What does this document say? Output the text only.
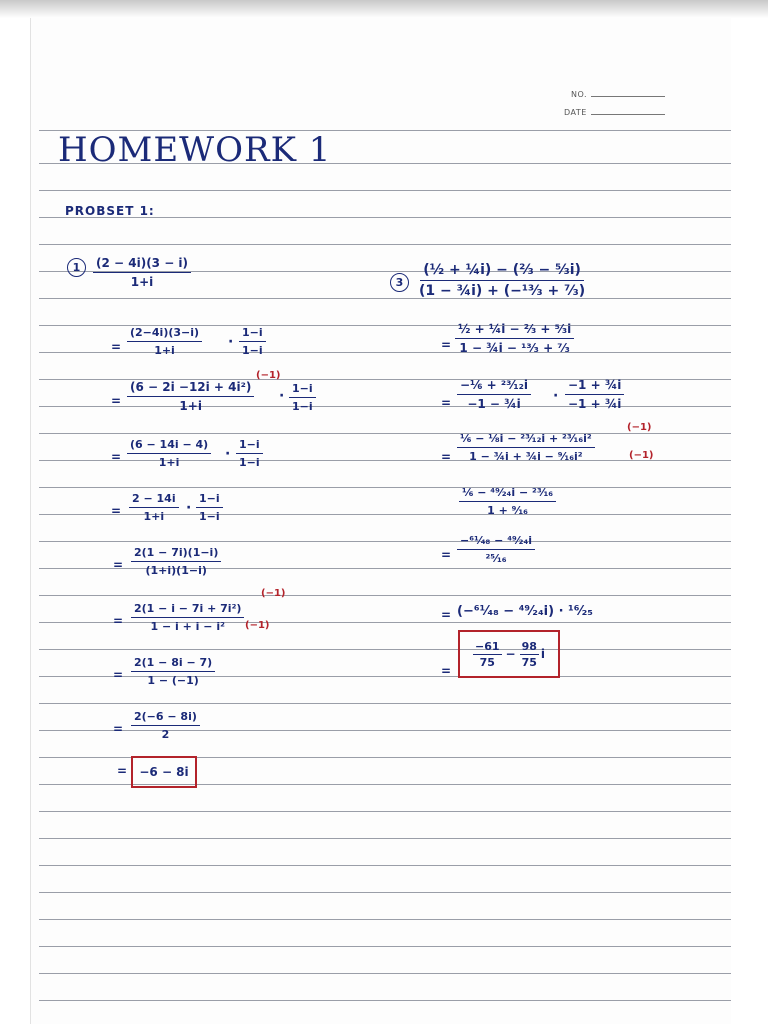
NO.
DATE
HOMEWORK 1
PROBSET 1:
1	$\frac{(2 - 4i)(3 - i)}{1+i}$
= $\frac{(2-4i)(3-i)}{1+i} \cdot \frac{1-i}{1-i}$
= $\frac{\text{(6 − 2i −12i + 4i²)}}{1+i}$
(−1)
· $\frac{1-i}{1-i}$
= $\frac{(6 - 14i - 4)}{1+i} \cdot \frac{1-i}{1-i}$
= $\frac{2 - 14i}{1+i} \cdot \frac{1-i}{1-i}$
= $\frac{2(1 - 7i)(1-i)}{(1+i)(1-i)}$
= $\frac{\text{2(1 − i − 7i + 7i²)}}{\text{1 − i + i − i²}}$
(−1)
(−1)
= $\frac{2(1 - 8i - 7)}{1 - (-1)}$
= $\frac{2(-6 - 8i)}{2}$
= −6 − 8i
3	$\frac{\text{(½ + ¼i) − (⅔ − ⁵⁄₃i)}}{\text{(1 − ¾i) + (−¹³⁄₃ + ⁷⁄₃)}}$
= $\frac{\text{½ + ¼i − ⅔ + ⁵⁄₃i}}{\text{1 − ¾i − ¹³⁄₃ + ⁷⁄₃}}$
= $\frac{\text{−⅙ + ²³⁄₁₂i}}{\text{−1 − ¾i}} \cdot \frac{\text{−1 + ¾i}}{\text{−1 + ¾i}}$
= $\frac{\text{⅙ − ⅛i − ²³⁄₁₂i + ²³⁄₁₆i²}}{\text{1 − ¾i + ¾i − ⁹⁄₁₆i²}}$
(−1)
(−1)
$\frac{\text{⅙ − ⁴⁹⁄₂₄i − ²³⁄₁₆}}{\text{1 + ⁹⁄₁₆}}$
=
−⁶¹⁄₄₈ − ⁴⁹⁄₂₄i
²⁵⁄₁₆
= (−⁶¹⁄₄₈ − ⁴⁹⁄₂₄i) · ¹⁶⁄₂₅
=
$\frac{-61}{75} - \frac{98}{75}$ i
